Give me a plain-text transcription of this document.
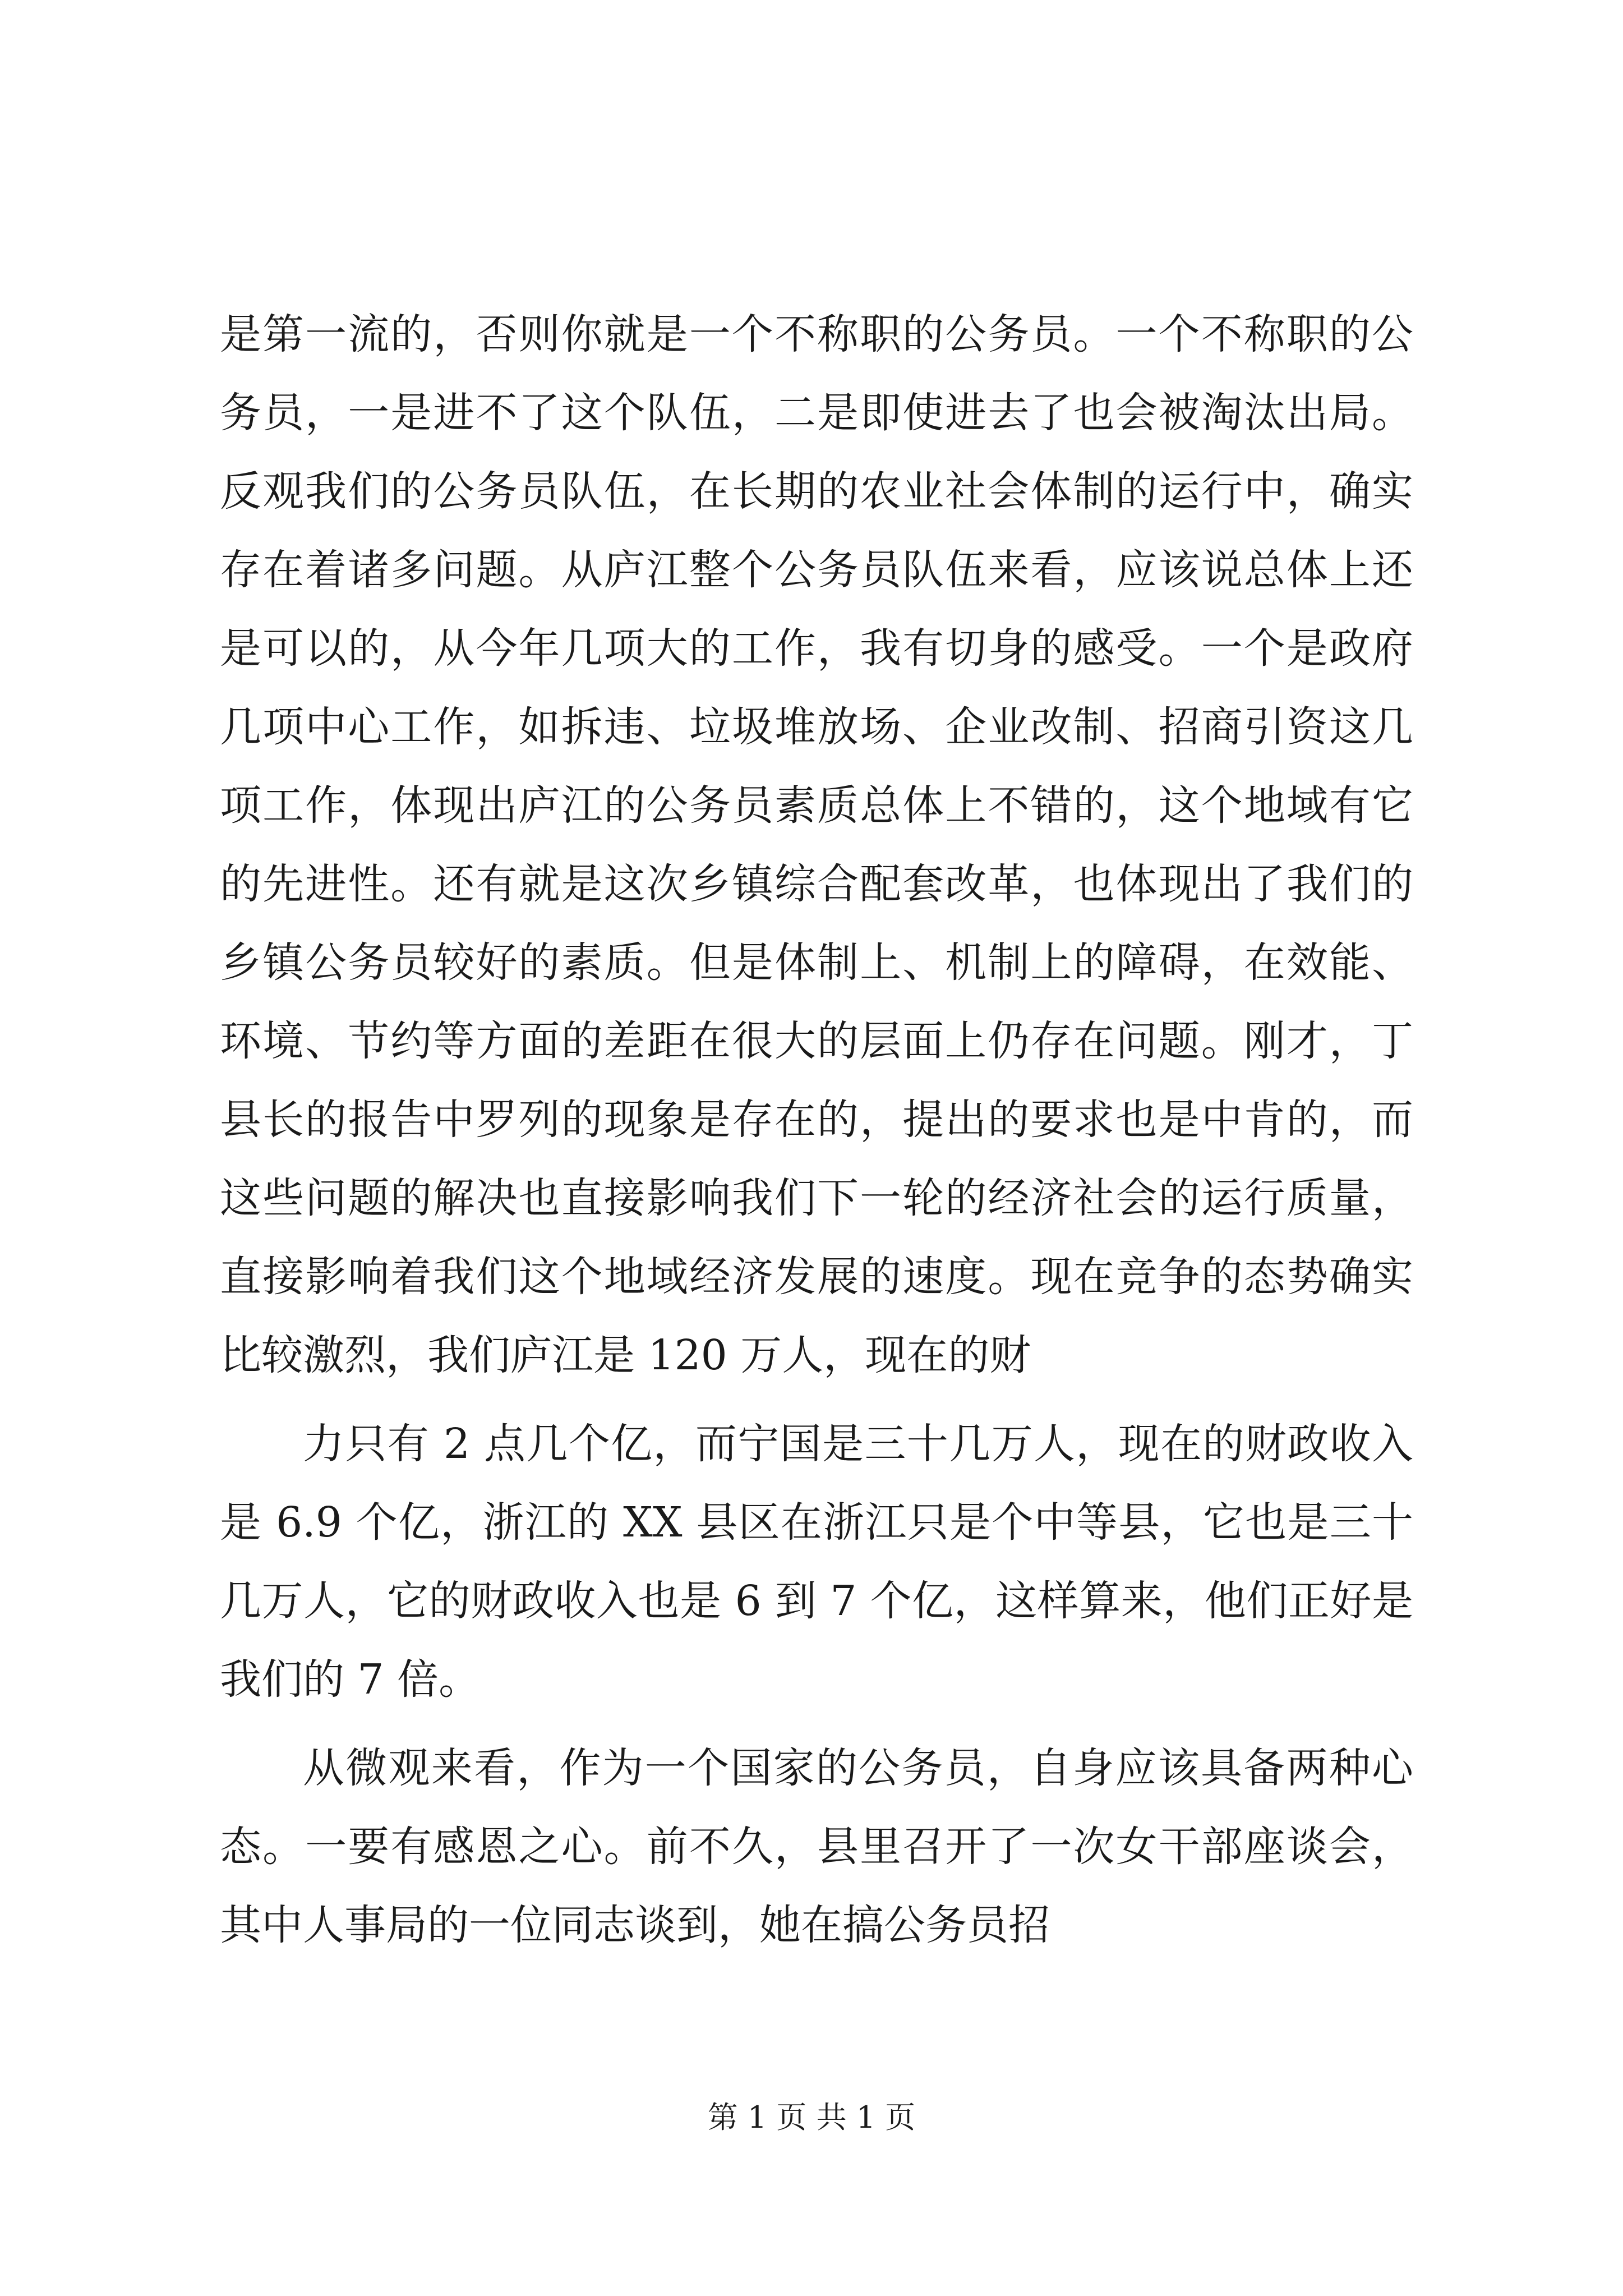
是第一流的，否则你就是一个不称职的公务员。一个不称职的公务员，一是进不了这个队伍，二是即使进去了也会被淘汰出局。反观我们的公务员队伍，在长期的农业社会体制的运行中，确实存在着诸多问题。从庐江整个公务员队伍来看，应该说总体上还是可以的，从今年几项大的工作，我有切身的感受。一个是政府几项中心工作，如拆违、垃圾堆放场、企业改制、招商引资这几项工作，体现出庐江的公务员素质总体上不错的，这个地域有它的先进性。还有就是这次乡镇综合配套改革，也体现出了我们的乡镇公务员较好的素质。但是体制上、机制上的障碍，在效能、环境、节约等方面的差距在很大的层面上仍存在问题。刚才，丁县长的报告中罗列的现象是存在的，提出的要求也是中肯的，而这些问题的解决也直接影响我们下一轮的经济社会的运行质量，直接影响着我们这个地域经济发展的速度。现在竞争的态势确实比较激烈，我们庐江是 120 万人，现在的财

力只有 2 点几个亿，而宁国是三十几万人，现在的财政收入是 6.9 个亿，浙江的 XX 县区在浙江只是个中等县，它也是三十几万人，它的财政收入也是 6 到 7 个亿，这样算来，他们正好是我们的 7 倍。

从微观来看，作为一个国家的公务员，自身应该具备两种心态。一要有感恩之心。前不久，县里召开了一次女干部座谈会，其中人事局的一位同志谈到，她在搞公务员招

第 1 页 共 1 页
